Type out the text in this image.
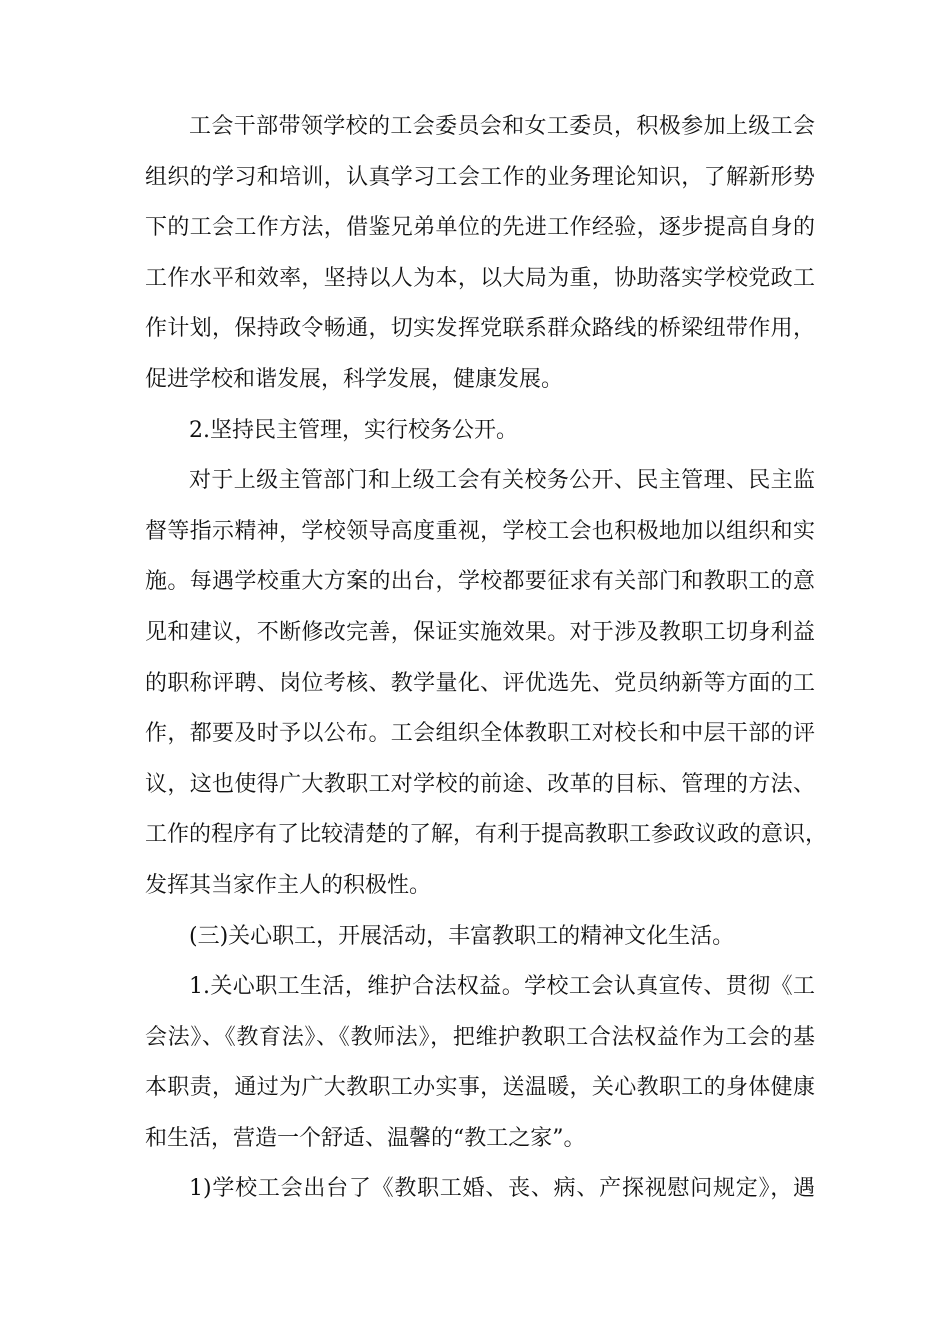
工会干部带领学校的工会委员会和女工委员，积极参加上级工会
组织的学习和培训，认真学习工会工作的业务理论知识，了解新形势
下的工会工作方法，借鉴兄弟单位的先进工作经验，逐步提高自身的
工作水平和效率，坚持以人为本，以大局为重，协助落实学校党政工
作计划，保持政令畅通，切实发挥党联系群众路线的桥梁纽带作用，
促进学校和谐发展，科学发展，健康发展。
2.坚持民主管理，实行校务公开。
对于上级主管部门和上级工会有关校务公开、民主管理、民主监
督等指示精神，学校领导高度重视，学校工会也积极地加以组织和实
施。每遇学校重大方案的出台，学校都要征求有关部门和教职工的意
见和建议，不断修改完善，保证实施效果。对于涉及教职工切身利益
的职称评聘、岗位考核、教学量化、评优选先、党员纳新等方面的工
作，都要及时予以公布。工会组织全体教职工对校长和中层干部的评
议，这也使得广大教职工对学校的前途、改革的目标、管理的方法、
工作的程序有了比较清楚的了解，有利于提高教职工参政议政的意识，
发挥其当家作主人的积极性。
(三)关心职工，开展活动，丰富教职工的精神文化生活。
1.关心职工生活，维护合法权益。学校工会认真宣传、贯彻《工
会法》、《教育法》、《教师法》，把维护教职工合法权益作为工会的基
本职责，通过为广大教职工办实事，送温暖，关心教职工的身体健康
和生活，营造一个舒适、温馨的“教工之家”。
1)学校工会出台了《教职工婚、丧、病、产探视慰问规定》，遇
